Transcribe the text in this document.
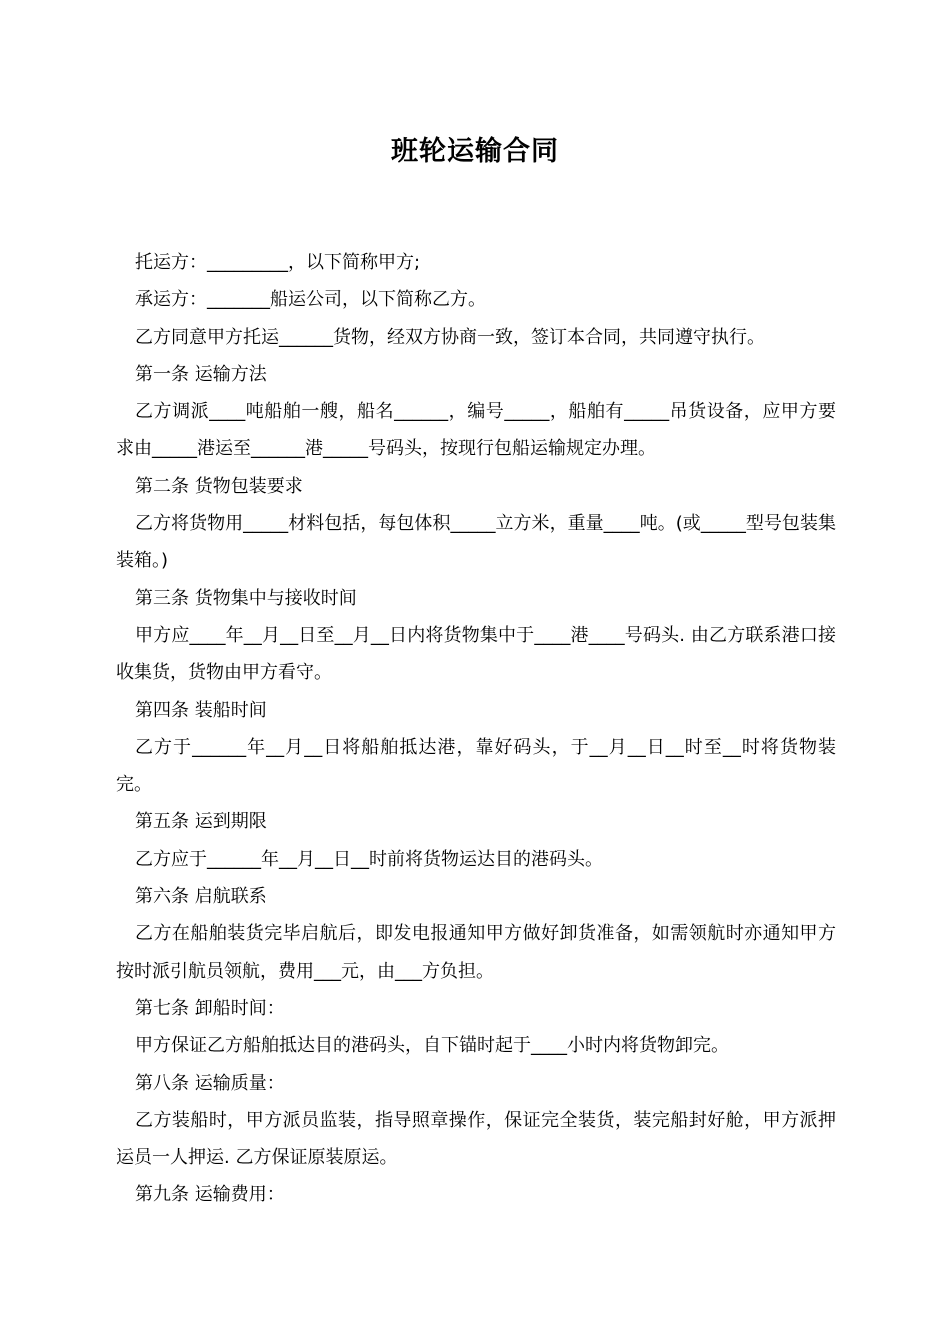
班轮运输合同

托运方：_________，以下简称甲方;

承运方：_______船运公司，以下简称乙方。

乙方同意甲方托运______货物，经双方协商一致，签订本合同，共同遵守执行。

第一条 运输方法

乙方调派____吨船舶一艘，船名______，编号_____，船舶有_____吊货设备，应甲方要求由_____港运至______港_____号码头，按现行包船运输规定办理。

第二条 货物包装要求

乙方将货物用_____材料包括，每包体积_____立方米，重量____吨。(或_____型号包装集装箱。)

第三条 货物集中与接收时间

甲方应____年__月__日至__月__日内将货物集中于____港____号码头. 由乙方联系港口接收集货，货物由甲方看守。

第四条 装船时间

乙方于______年__月__日将船舶抵达港，靠好码头，于__月__日__时至__时将货物装完。

第五条 运到期限

乙方应于______年__月__日__时前将货物运达目的港码头。

第六条 启航联系

乙方在船舶装货完毕启航后，即发电报通知甲方做好卸货准备，如需领航时亦通知甲方按时派引航员领航，费用___元，由___方负担。

第七条 卸船时间：

甲方保证乙方船舶抵达目的港码头，自下锚时起于____小时内将货物卸完。

第八条 运输质量：

乙方装船时，甲方派员监装，指导照章操作，保证完全装货，装完船封好舱，甲方派押运员一人押运. 乙方保证原装原运。

第九条 运输费用：
